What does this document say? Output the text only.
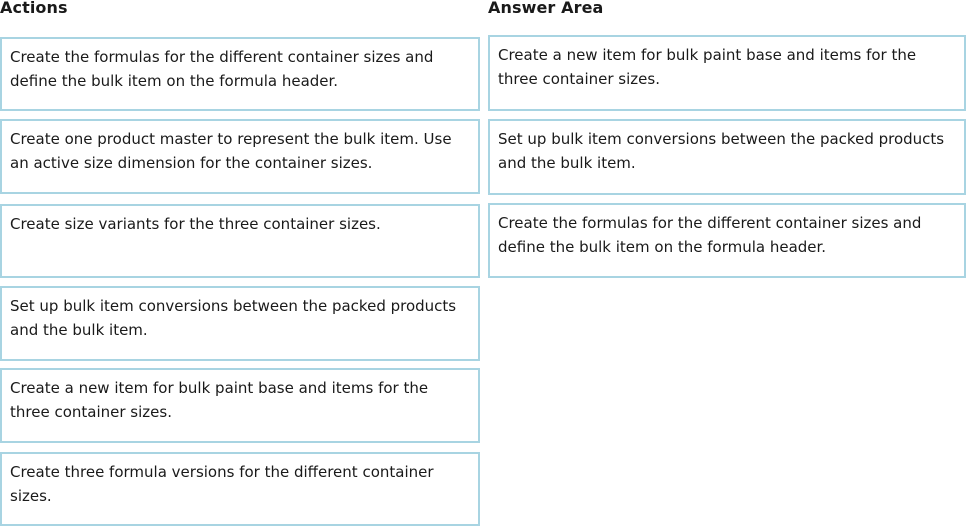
Actions	Answer Area
Create the formulas for the different container sizes and define the bulk item on the formula header.
Create one product master to represent the bulk item. Use an active size dimension for the container sizes.
Create size variants for the three container sizes.
Set up bulk item conversions between the packed products and the bulk item.
Create a new item for bulk paint base and items for the three container sizes.
Create three formula versions for the different container sizes.
Create a new item for bulk paint base and items for the three container sizes.
Set up bulk item conversions between the packed products and the bulk item.
Create the formulas for the different container sizes and define the bulk item on the formula header.
